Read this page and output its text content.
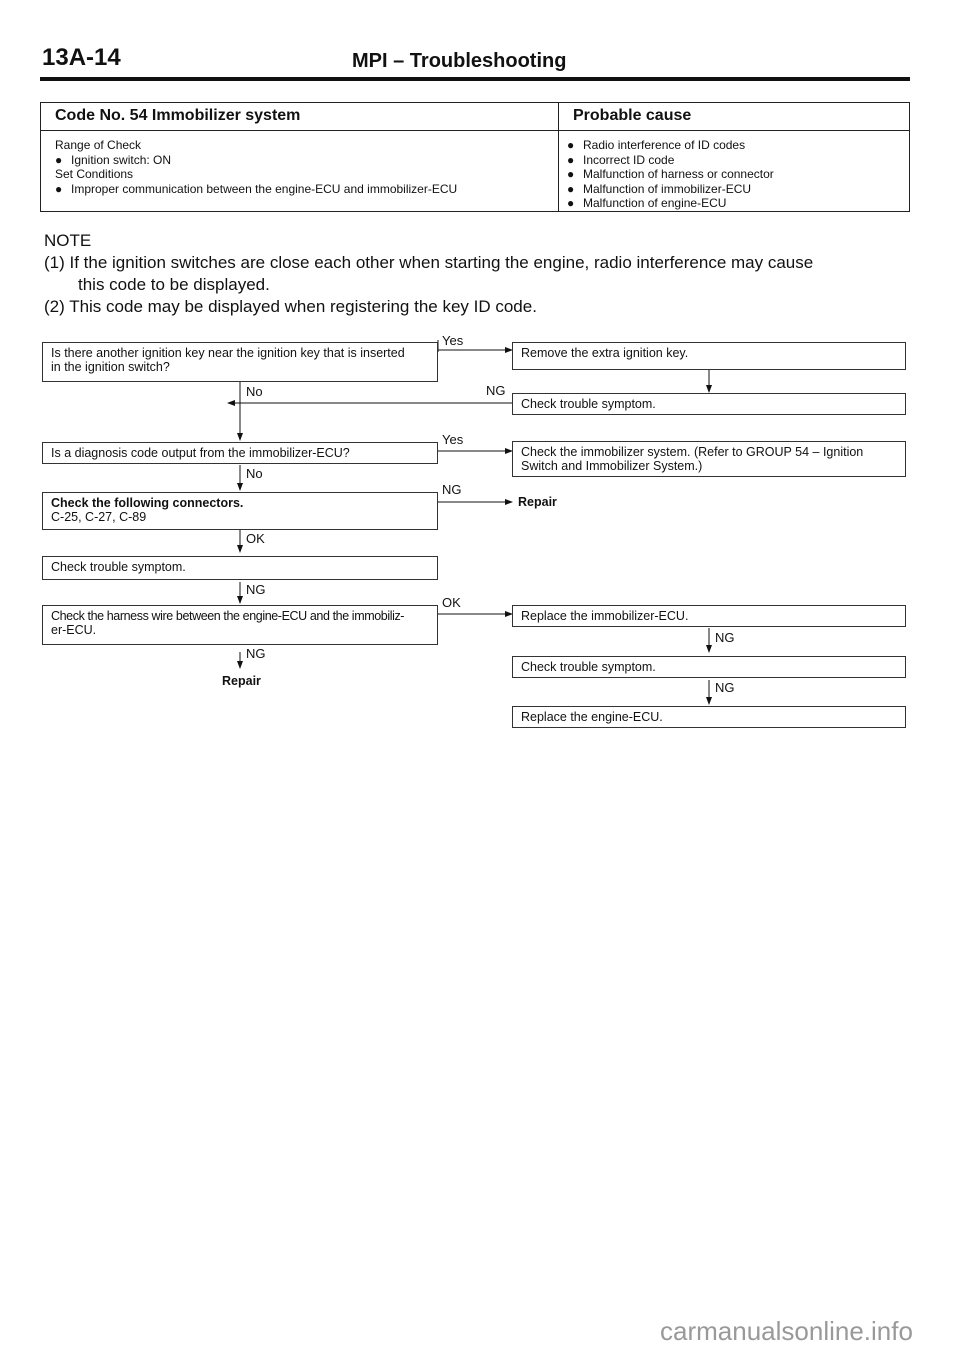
13A-14	MPI – Troubleshooting
Code No. 54 Immobilizer system
Range of Check
● Ignition switch: ON
Set Conditions
● Improper communication between the engine-ECU and immobilizer-ECU
Probable cause
● Radio interference of ID codes
● Incorrect ID code
● Malfunction of harness or connector
● Malfunction of immobilizer-ECU
● Malfunction of engine-ECU
NOTE
(1) If the ignition switches are close each other when starting the engine, radio interference may cause
this code to be displayed.
(2) This code may be displayed when registering the key ID code.
Is there another ignition key near the ignition key that is inserted
in the ignition switch?
Yes
Remove the extra ignition key.
No	NG
Check trouble symptom.
Is a diagnosis code output from the immobilizer-ECU?
Yes
Check the immobilizer system. (Refer to GROUP 54 – Ignition
Switch and Immobilizer System.)
No
Check the following connectors.
C-25, C-27, C-89
NG
Repair
OK
Check trouble symptom.
NG
Check the harness wire between the engine-ECU and the immobiliz-
er-ECU.
OK
Replace the immobilizer-ECU.
NG
Check trouble symptom.
NG
Replace the engine-ECU.
NG
Repair
carmanualsonline.info
